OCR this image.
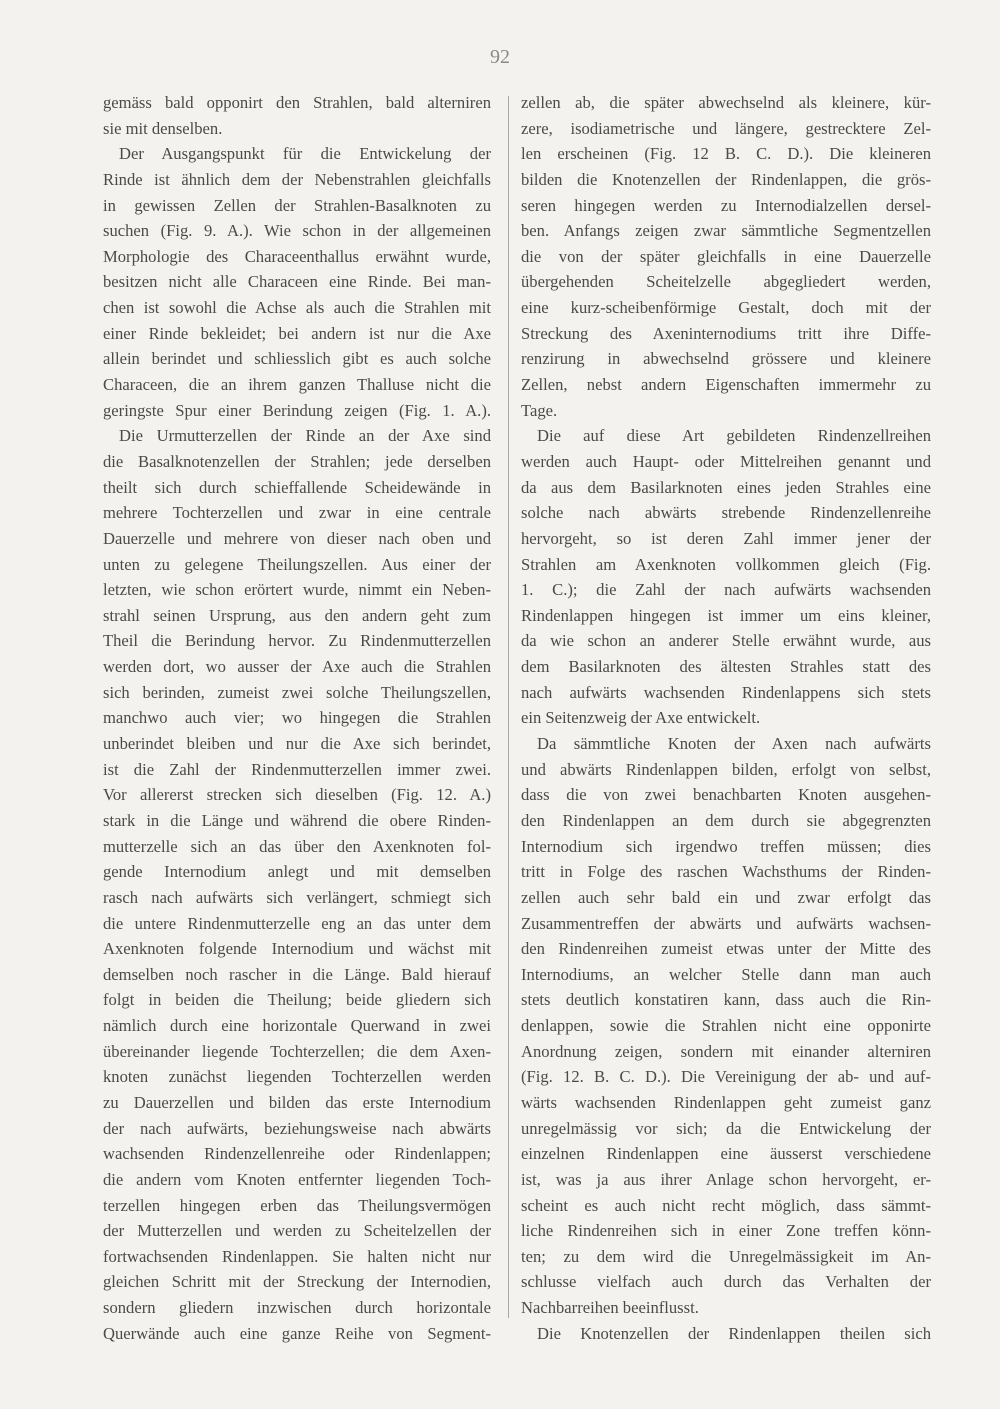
92
gemäss bald opponirt den Strahlen, bald alterniren
sie mit denselben.
Der Ausgangspunkt für die Entwickelung der
Rinde ist ähnlich dem der Nebenstrahlen gleichfalls
in gewissen Zellen der Strahlen-Basalknoten zu
suchen (Fig. 9. A.). Wie schon in der allgemeinen
Morphologie des Characeenthallus erwähnt wurde,
besitzen nicht alle Characeen eine Rinde. Bei man-
chen ist sowohl die Achse als auch die Strahlen mit
einer Rinde bekleidet; bei andern ist nur die Axe
allein berindet und schliesslich gibt es auch solche
Characeen, die an ihrem ganzen Thalluse nicht die
geringste Spur einer Berindung zeigen (Fig. 1. A.).
Die Urmutterzellen der Rinde an der Axe sind
die Basalknotenzellen der Strahlen; jede derselben
theilt sich durch schieffallende Scheidewände in
mehrere Tochterzellen und zwar in eine centrale
Dauerzelle und mehrere von dieser nach oben und
unten zu gelegene Theilungszellen. Aus einer der
letzten, wie schon erörtert wurde, nimmt ein Neben-
strahl seinen Ursprung, aus den andern geht zum
Theil die Berindung hervor. Zu Rindenmutterzellen
werden dort, wo ausser der Axe auch die Strahlen
sich berinden, zumeist zwei solche Theilungszellen,
manchwo auch vier; wo hingegen die Strahlen
unberindet bleiben und nur die Axe sich berindet,
ist die Zahl der Rindenmutterzellen immer zwei.
Vor allererst strecken sich dieselben (Fig. 12. A.)
stark in die Länge und während die obere Rinden-
mutterzelle sich an das über den Axenknoten fol-
gende Internodium anlegt und mit demselben
rasch nach aufwärts sich verlängert, schmiegt sich
die untere Rindenmutterzelle eng an das unter dem
Axenknoten folgende Internodium und wächst mit
demselben noch rascher in die Länge. Bald hierauf
folgt in beiden die Theilung; beide gliedern sich
nämlich durch eine horizontale Querwand in zwei
übereinander liegende Tochterzellen; die dem Axen-
knoten zunächst liegenden Tochterzellen werden
zu Dauerzellen und bilden das erste Internodium
der nach aufwärts, beziehungsweise nach abwärts
wachsenden Rindenzellenreihe oder Rindenlappen;
die andern vom Knoten entfernter liegenden Toch-
terzellen hingegen erben das Theilungsvermögen
der Mutterzellen und werden zu Scheitelzellen der
fortwachsenden Rindenlappen. Sie halten nicht nur
gleichen Schritt mit der Streckung der Internodien,
sondern gliedern inzwischen durch horizontale
Querwände auch eine ganze Reihe von Segment-
zellen ab, die später abwechselnd als kleinere, kür-
zere, isodiametrische und längere, gestrecktere Zel-
len erscheinen (Fig. 12 B. C. D.). Die kleineren
bilden die Knotenzellen der Rindenlappen, die grös-
seren hingegen werden zu Internodialzellen dersel-
ben. Anfangs zeigen zwar sämmtliche Segmentzellen
die von der später gleichfalls in eine Dauerzelle
übergehenden Scheitelzelle abgegliedert werden,
eine kurz-scheibenförmige Gestalt, doch mit der
Streckung des Axeninternodiums tritt ihre Diffe-
renzirung in abwechselnd grössere und kleinere
Zellen, nebst andern Eigenschaften immermehr zu
Tage.
Die auf diese Art gebildeten Rindenzellreihen
werden auch Haupt- oder Mittelreihen genannt und
da aus dem Basilarknoten eines jeden Strahles eine
solche nach abwärts strebende Rindenzellenreihe
hervorgeht, so ist deren Zahl immer jener der
Strahlen am Axenknoten vollkommen gleich (Fig.
1. C.); die Zahl der nach aufwärts wachsenden
Rindenlappen hingegen ist immer um eins kleiner,
da wie schon an anderer Stelle erwähnt wurde, aus
dem Basilarknoten des ältesten Strahles statt des
nach aufwärts wachsenden Rindenlappens sich stets
ein Seitenzweig der Axe entwickelt.
Da sämmtliche Knoten der Axen nach aufwärts
und abwärts Rindenlappen bilden, erfolgt von selbst,
dass die von zwei benachbarten Knoten ausgehen-
den Rindenlappen an dem durch sie abgegrenzten
Internodium sich irgendwo treffen müssen; dies
tritt in Folge des raschen Wachsthums der Rinden-
zellen auch sehr bald ein und zwar erfolgt das
Zusammentreffen der abwärts und aufwärts wachsen-
den Rindenreihen zumeist etwas unter der Mitte des
Internodiums, an welcher Stelle dann man auch
stets deutlich konstatiren kann, dass auch die Rin-
denlappen, sowie die Strahlen nicht eine opponirte
Anordnung zeigen, sondern mit einander alterniren
(Fig. 12. B. C. D.). Die Vereinigung der ab- und auf-
wärts wachsenden Rindenlappen geht zumeist ganz
unregelmässig vor sich; da die Entwickelung der
einzelnen Rindenlappen eine äusserst verschiedene
ist, was ja aus ihrer Anlage schon hervorgeht, er-
scheint es auch nicht recht möglich, dass sämmt-
liche Rindenreihen sich in einer Zone treffen könn-
ten; zu dem wird die Unregelmässigkeit im An-
schlusse vielfach auch durch das Verhalten der
Nachbarreihen beeinflusst.
Die Knotenzellen der Rindenlappen theilen sich
